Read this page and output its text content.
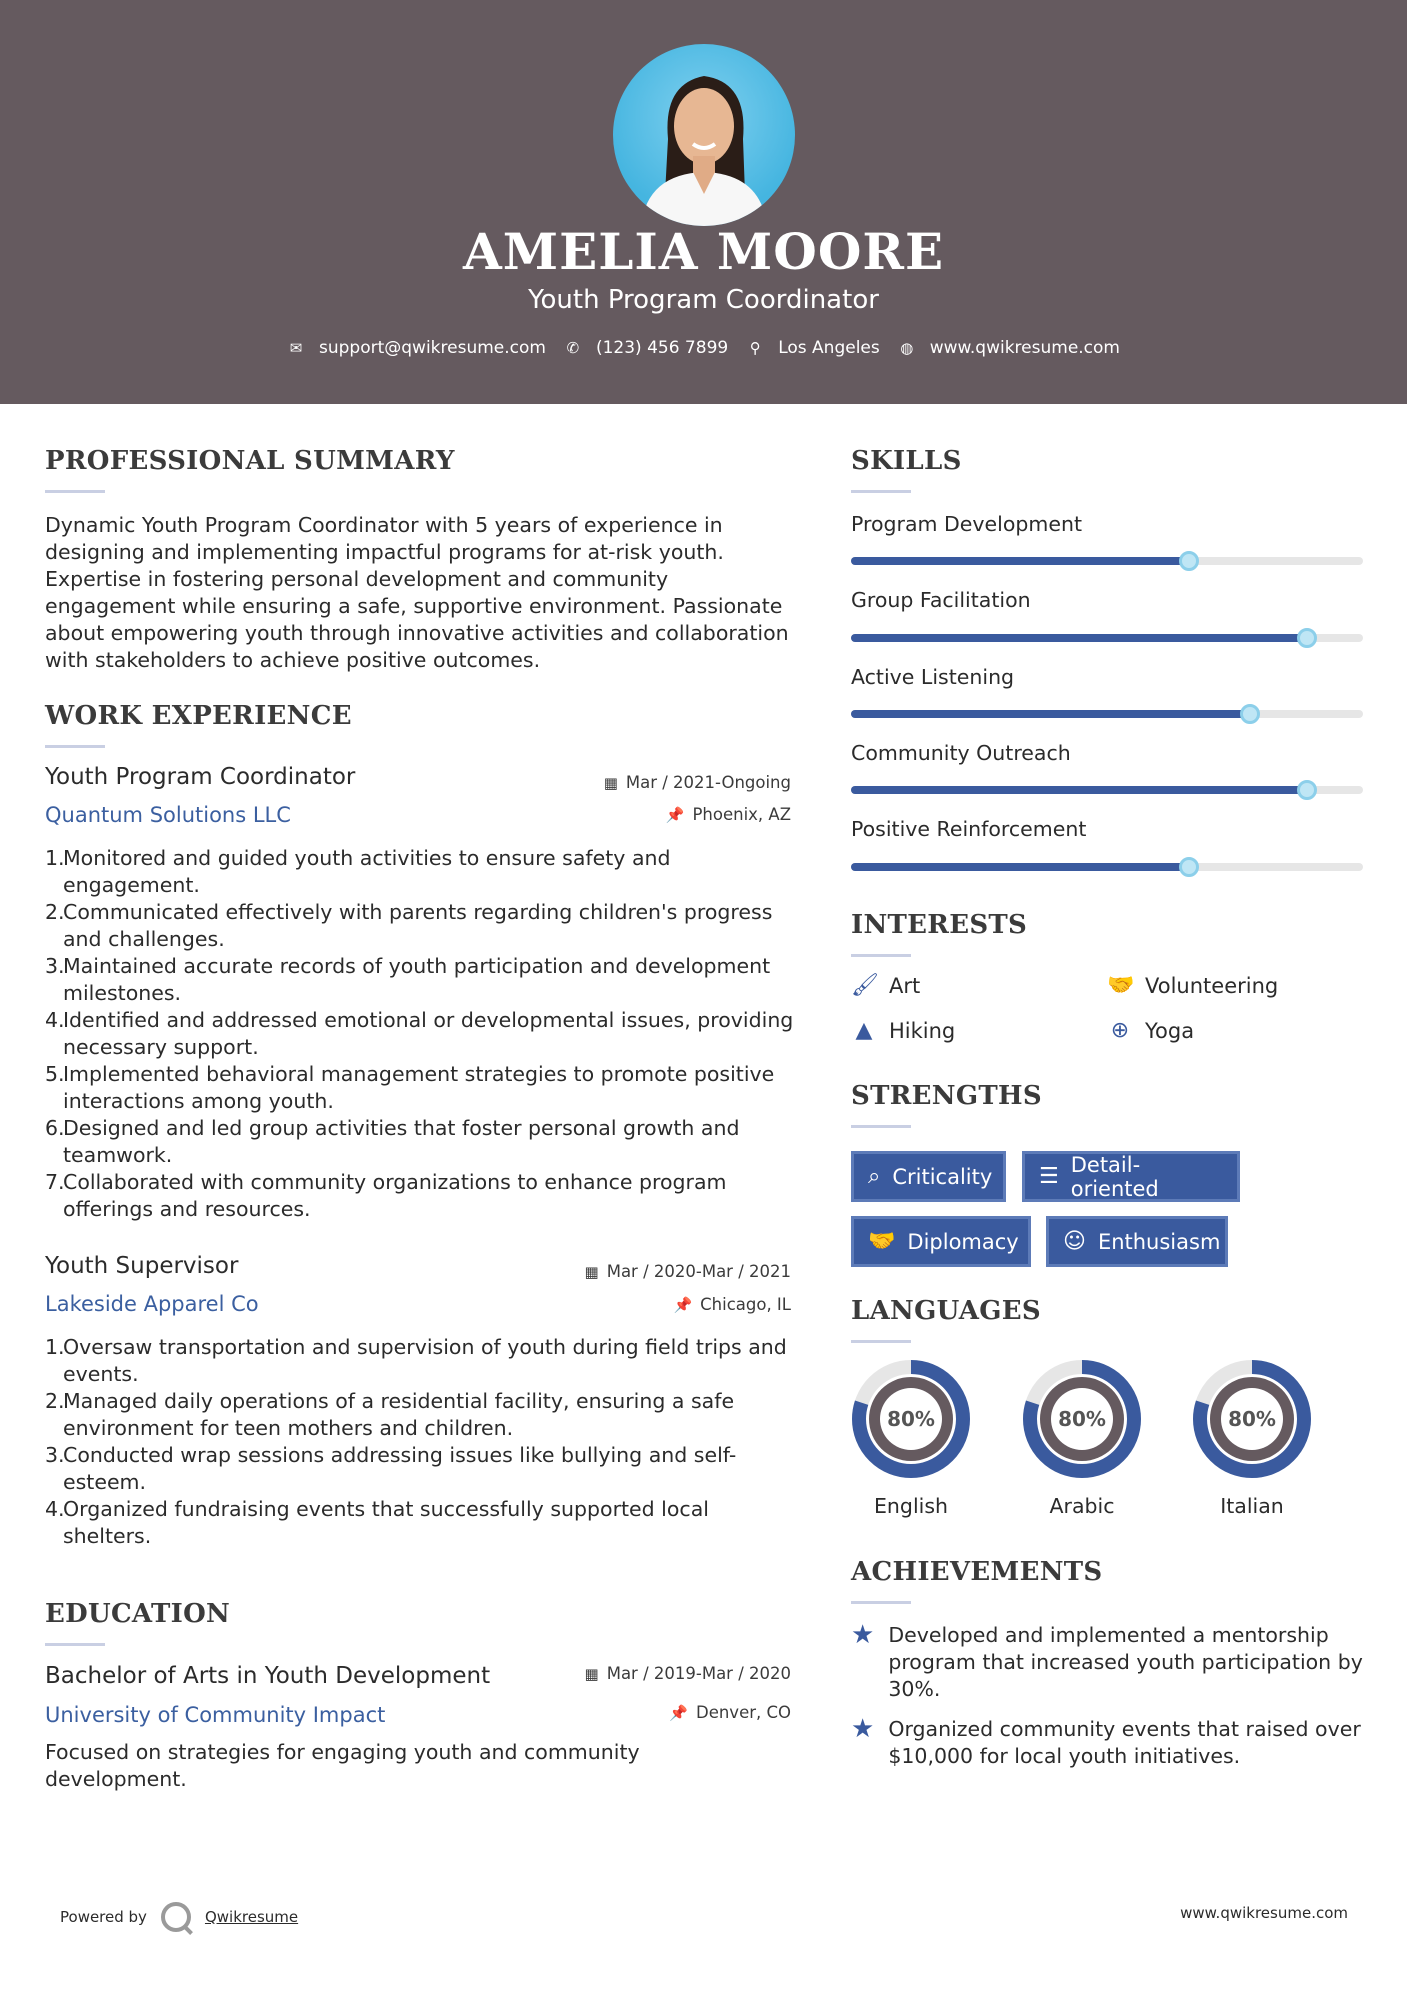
AMELIA MOORE
Youth Program Coordinator
✉ support@qwikresume.com ✆ (123) 456 7899 ⚲ Los Angeles ◍ www.qwikresume.com
PROFESSIONAL SUMMARY
Dynamic Youth Program Coordinator with 5 years of experience in designing and implementing impactful programs for at-risk youth. Expertise in fostering personal development and community engagement while ensuring a safe, supportive environment. Passionate about empowering youth through innovative activities and collaboration with stakeholders to achieve positive outcomes.
WORK EXPERIENCE
Youth Program Coordinator
Quantum Solutions LLC
▦ Mar / 2021-Ongoing
📌 Phoenix, AZ
1.
Monitored and guided youth activities to ensure safety and engagement.
2.
Communicated effectively with parents regarding children's progress and challenges.
3.
Maintained accurate records of youth participation and development milestones.
4.
Identified and addressed emotional or developmental issues, providing necessary support.
5.
Implemented behavioral management strategies to promote positive interactions among youth.
6.
Designed and led group activities that foster personal growth and teamwork.
7.
Collaborated with community organizations to enhance program offerings and resources.
Youth Supervisor
Lakeside Apparel Co
▦ Mar / 2020-Mar / 2021
📌 Chicago, IL
1.
Oversaw transportation and supervision of youth during field trips and events.
2.
Managed daily operations of a residential facility, ensuring a safe environment for teen mothers and children.
3.
Conducted wrap sessions addressing issues like bullying and self-esteem.
4.
Organized fundraising events that successfully supported local shelters.
EDUCATION
Bachelor of Arts in Youth Development
University of Community Impact
▦ Mar / 2019-Mar / 2020
📌 Denver, CO
Focused on strategies for engaging youth and community development.
SKILLS
Program Development
Group Facilitation
Active Listening
Community Outreach
Positive Reinforcement
INTERESTS
🖌 Art	🤝 Volunteering
▲ Hiking	⊕ Yoga
STRENGTHS
⌕ Criticality ☰ Detail-oriented
🤝 Diplomacy ☺ Enthusiasm
LANGUAGES
80%
English
80%
Arabic
80%
Italian
ACHIEVEMENTS
★ Developed and implemented a mentorship program that increased youth participation by 30%.
★ Organized community events that raised over $10,000 for local youth initiatives.
Powered by	Qwikresume	www.qwikresume.com
